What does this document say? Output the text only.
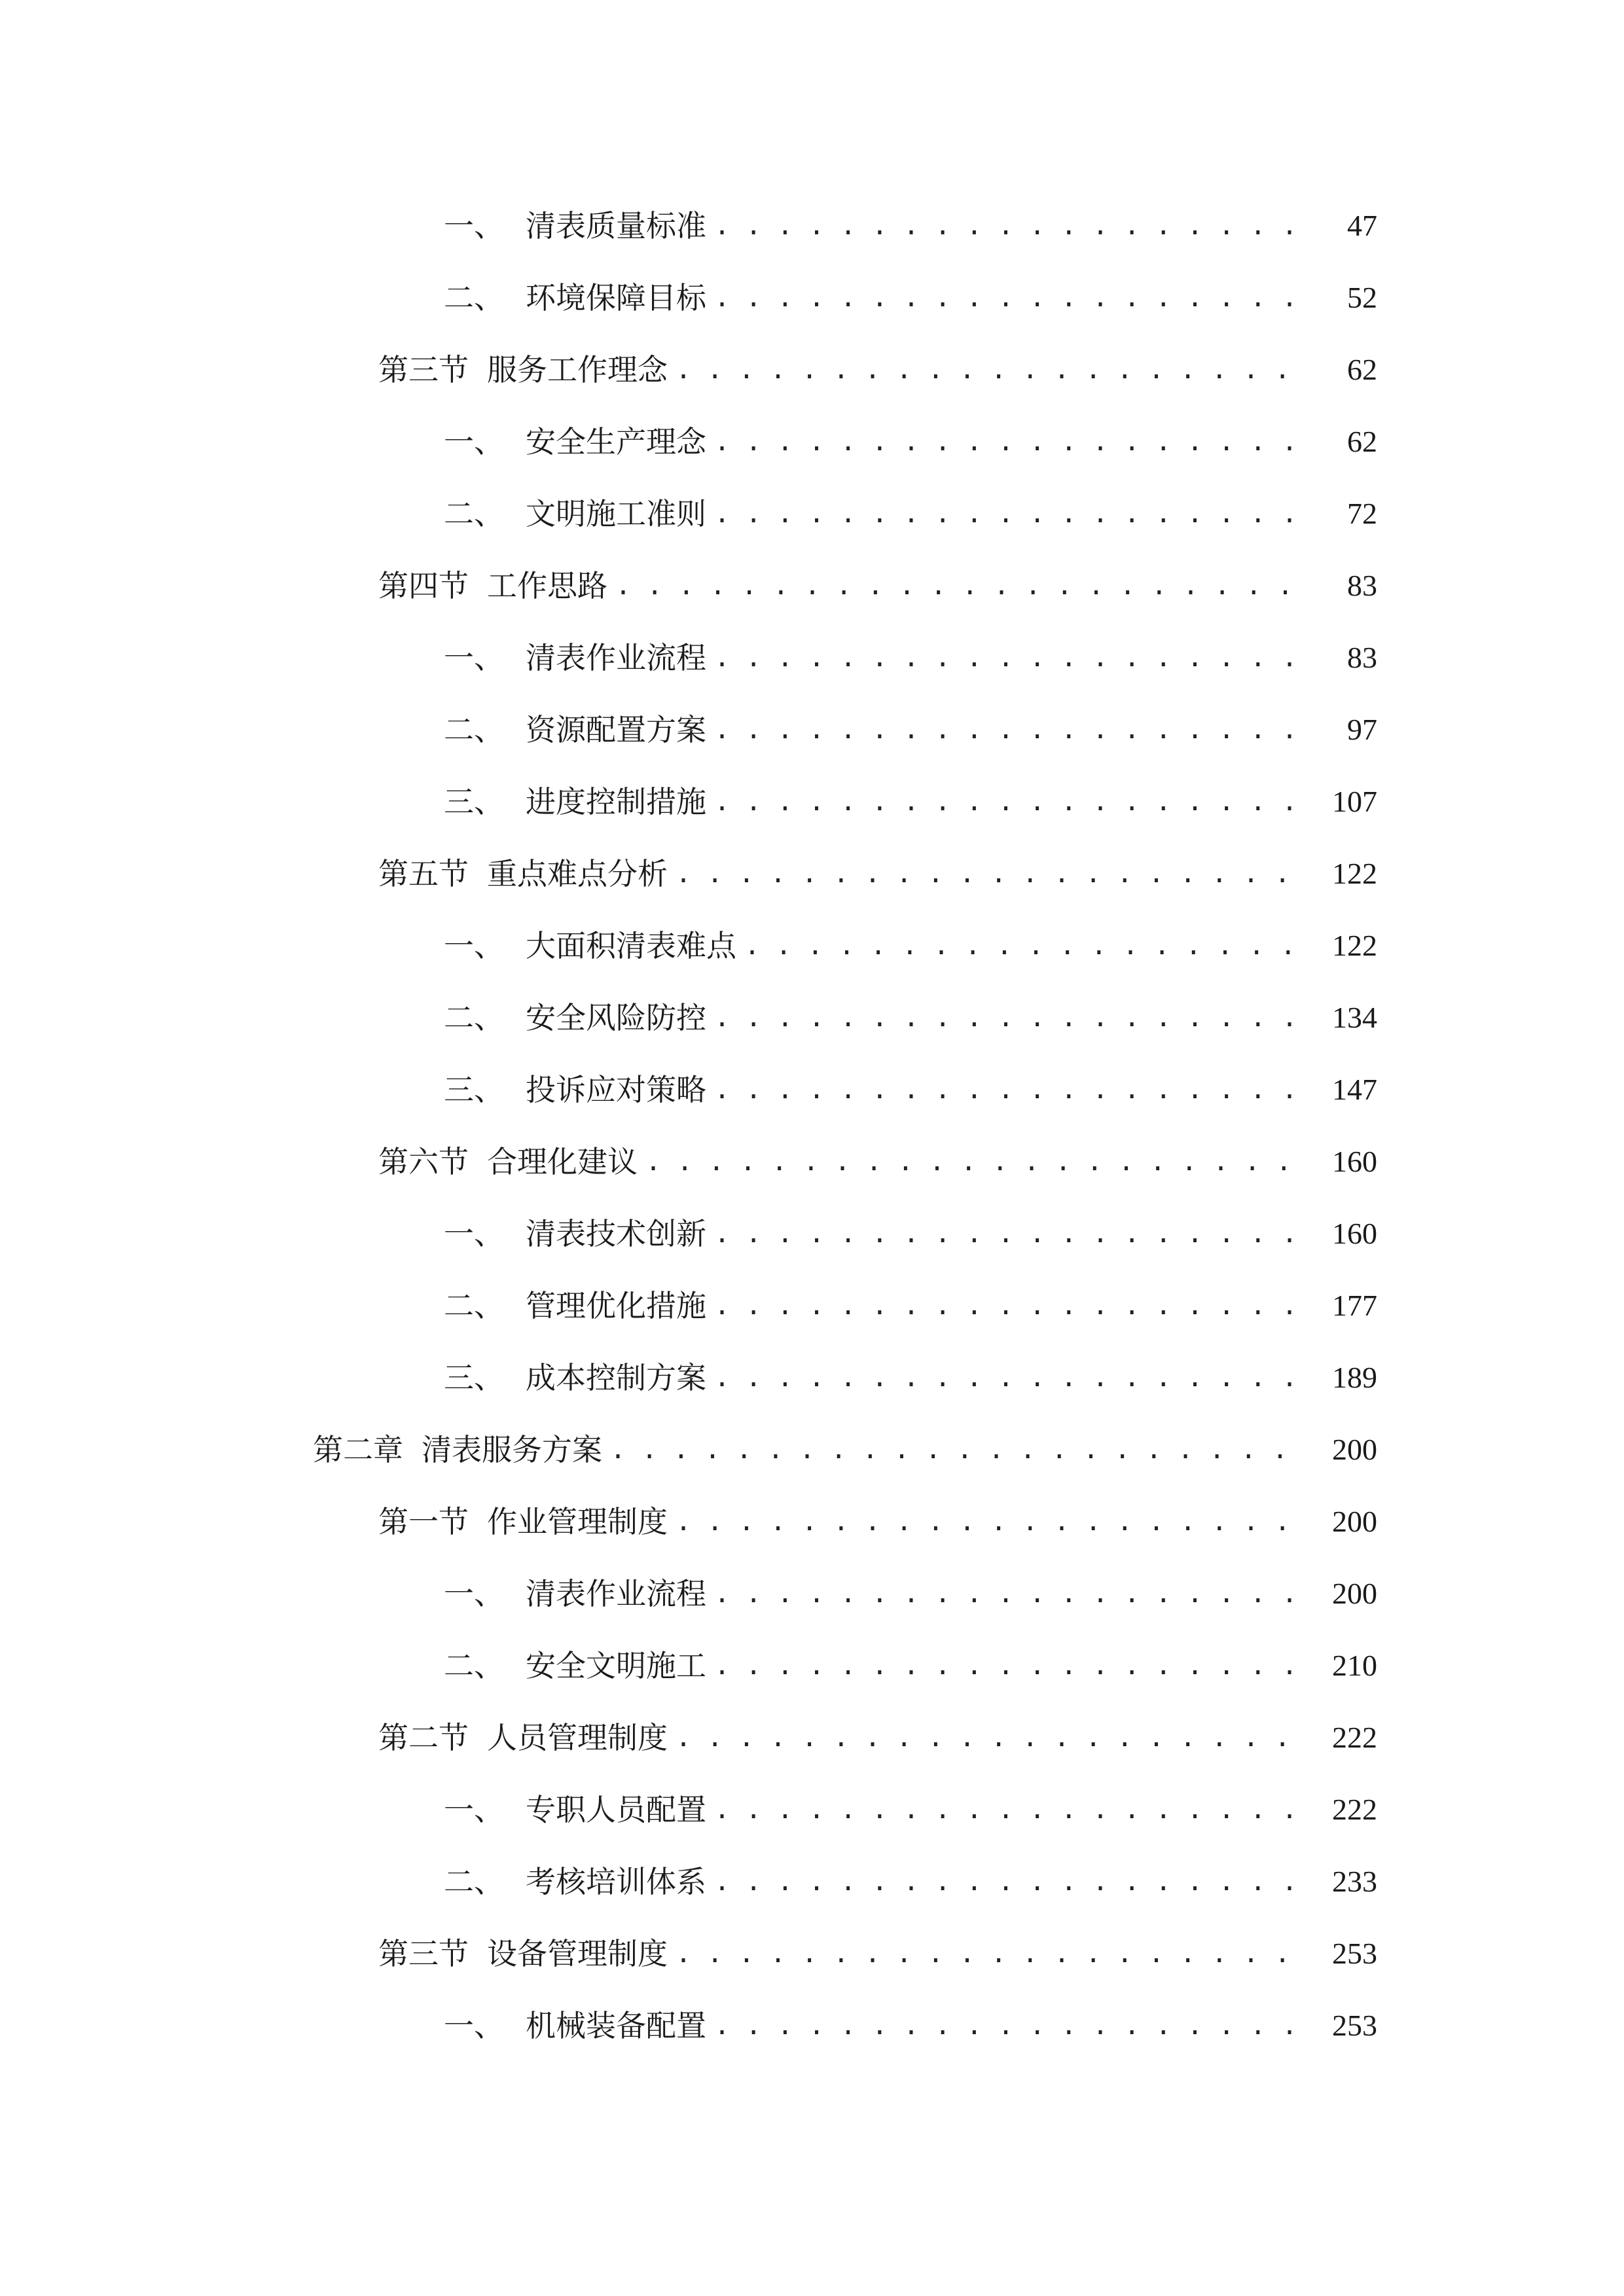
一、 清表质量标准 . . .	47
二、 环境保障目标 . . .	52
第三节 服务工作理念 . . .	62
一、 安全生产理念 . . .	62
二、 文明施工准则 . . .	72
第四节 工作思路 . . .	83
一、 清表作业流程 . . .	83
二、 资源配置方案 . . .	97
三、 进度控制措施 . . .	107
第五节 重点难点分析 . . .	122
一、 大面积清表难点 . . .	122
二、 安全风险防控 . . .	134
三、 投诉应对策略 . . .	147
第六节 合理化建议 . . .	160
一、 清表技术创新 . . .	160
二、 管理优化措施 . . .	177
三、 成本控制方案 . . .	189
第二章 清表服务方案 . . .	200
第一节 作业管理制度 . . .	200
一、 清表作业流程 . . .	200
二、 安全文明施工 . . .	210
第二节 人员管理制度 . . .	222
一、 专职人员配置 . . .	222
二、 考核培训体系 . . .	233
第三节 设备管理制度 . . .	253
一、 机械装备配置 . . .	253
